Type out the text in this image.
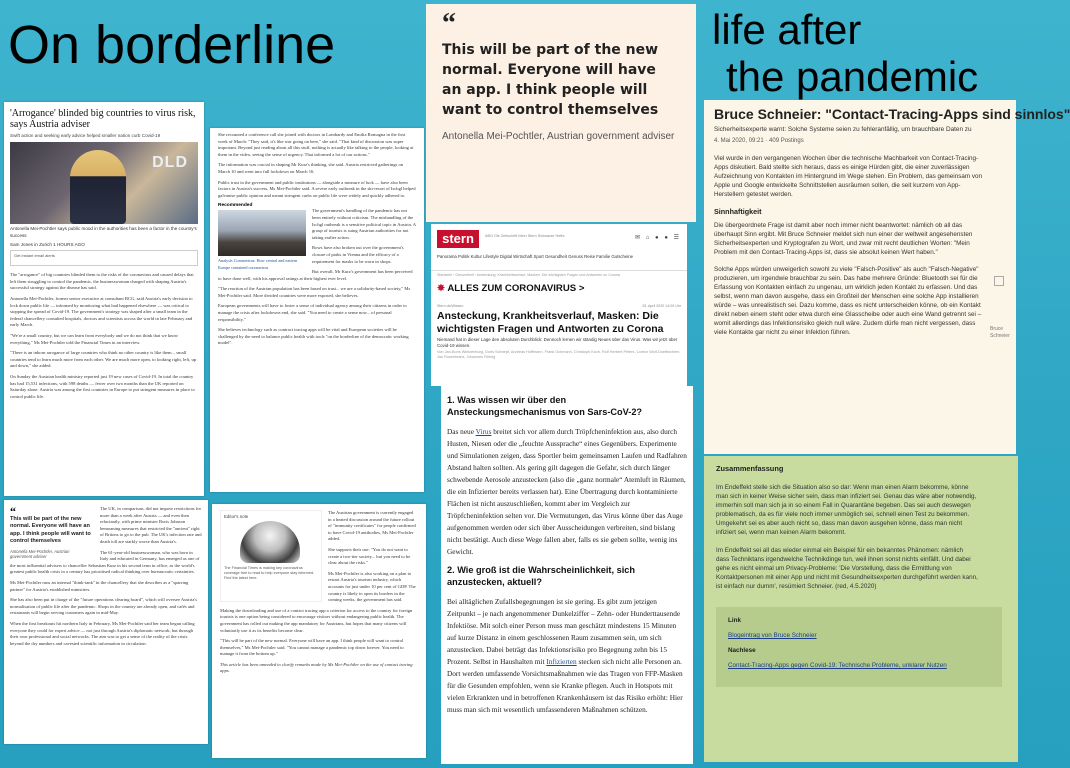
On borderline	life after
the pandemic
'Arrogance' blinded big countries to virus risk, says Austria adviser
Swift action and seeking early advice helped smaller nation curb Covid-19
DLD
Antonella Mei-Pochtler says public mood in the authorities has been a factor in the country's success
Sam Jones in Zurich 1 HOURS AGO
Get instant email alerts

The "arrogance" of big countries blinded them to the risks of the coronavirus and caused delays that left them struggling to control the pandemic, the businesswoman charged with shaping Austria's successful strategy against the disease has said.

Antonella Mei-Pochtler, former senior executive at consultant BCG, said Austria's early decision to lock down public life — informed by monitoring what had happened elsewhere — was critical to stopping the spread of Covid-19. The government's strategy was shaped after a small team in the federal chancellery consulted hospitals, doctors and scientists across the world in late February and early March.

"We're a small country, but we can learn from everybody and we do not think that we know everything," Ms Mei-Pochtler told the Financial Times in an interview.

"There is an inborn arrogance of large countries who think no other country is like them... small countries tend to learn much more from each other. We are much more open, to looking right, left, up and down," she added.

On Sunday the Austrian health ministry reported just 19 new cases of Covid-19. In total the country has had 15,531 infections, with 598 deaths — fewer over two months than the UK reported on Saturday alone. Austria was among the first countries in Europe to put stringent measures in place to control public life.

She recounted a conference call she joined with doctors in Lombardy and Emilia Romagna in the first week of March: "They said, it's like war going on here," she said. "That kind of discussion was super important. Beyond just reading about all this stuff, nothing is actually like talking to the people, looking at them in the video, seeing the sense of urgency. That informed a lot of our actions."

The information was crucial in shaping Mr Kurz's thinking, she said. Austria restricted gatherings on March 10 and went into full lockdown on March 16.

Public trust in the government and public institutions — alongside a measure of luck — have also been factors in Austria's success, Ms Mei-Pochtler said. A severe early outbreak in the ski-resort of Ischgl helped galvanise public opinion and meant stringent curbs on public life were widely and quickly adhered to.

Recommended

The government's handling of the pandemic has not been entirely without criticism. The mishandling of the Ischgl outbreak is a sensitive political topic in Austria. A group of tourists is suing Austrian authorities for not taking earlier action.

Analysis Coronavirus: How central and eastern Europe contained coronavirus

Rows have also broken out over the government's closure of parks in Vienna and the efficacy of a requirement for masks to be worn in shops.

But overall, Mr Kurz's government has been perceived to have done well, with his approval ratings at their highest ever level.

"The reaction of the Austrian population has been based on trust... we are a solidarity-based society," Ms Mei-Pochtler said. More divided countries were more exposed, she believes.

European governments will have to foster a sense of individual agency among their citizens in order to manage the crisis after lockdowns end, she said. "You need to create a sense now... of personal responsibility."

She believes technology such as contract tracing apps will be vital and European societies will be challenged by the need to balance public health with tools "on the borderline of the democratic working model".

“
This will be part of the new normal. Everyone will have an app. I think people will want to control themselves
Antonella Mei-Pochtler, Austrian government adviser
Bruce Schneier: "Contact-Tracing-Apps sind sinnlos"
Sicherheitsexperte warnt: Solche Systeme seien zu fehleranfällig, um brauchbare Daten zu
4. Mai 2020, 09:21 · 409 Postings

Viel wurde in den vergangenen Wochen über die technische Machbarkeit von Contact-Tracing-Apps diskutiert. Bald stellte sich heraus, dass es einige Hürden gibt, die einer zuverlässigen Aufzeichnung von Kontakten im Hintergrund im Wege stehen. Ein Problem, das gemeinsam von Apple und Google entwickelte Schnittstellen ausräumen sollen, die seit kurzem von App-Herstellern getestet werden.

Sinnhaftigkeit

Die übergeordnete Frage ist damit aber noch immer nicht beantwortet: nämlich ob all das überhaupt Sinn ergibt. Mit Bruce Schneier meldet sich nun einer der weltweit angesehensten Sicherheitsexperten und Kryptografen zu Wort, und zwar mit recht deutlichen Worten: "Mein Problem mit den Contact-Tracing-Apps ist, dass sie absolut keinen Wert haben."

Solche Apps würden unweigerlich sowohl zu viele "Falsch-Positive" als auch "Falsch-Negative" produzieren, um irgendwie brauchbar zu sein. Das habe mehrere Gründe: Bluetooth sei für die Erfassung von Kontakten einfach zu ungenau, um wirklich jeden Kontakt zu erfassen. Und das selbst, wenn man davon ausgehe, dass ein Großteil der Menschen eine solche App installieren würde – was unrealistisch sei. Dazu komme, dass es nicht unterscheiden könne, ob ein Kontakt direkt neben einem steht oder etwa durch eine Glasscheibe oder auch eine Wand getrennt sei – womit allerdings das Infektionsrisiko gleich null wäre. Zudem dürfe man nicht vergessen, dass viele Kontakte gar nicht zu einer Infektion führen.	Bruce Schneier
stern	ABO Die Zeitschrift Mein Stern Schwarze Hefte	✉ ⌂ ● ● ☰
Panorama Politik Kultur Lifestyle Digital Wirtschaft Sport Gesundheit Genuss Reise Familie Gutscheine
Startseite › Gesundheit › Ansteckung, Krankheitsverlauf, Masken: Die wichtigsten Fragen und Antworten zu Corona
✸ ALLES ZUM CORONAVIRUS >
Stern.de/Wissen	25. April 2020 14:00 Uhr
Ansteckung, Krankheitsverlauf, Masken: Die wichtigsten Fragen und Antworten zu Corona
Niemand hat in dieser Lage den absoluten Durchblick: Dennoch lernen wir ständig Neues über das Virus. Was wir jetzt über Covid-19 wissen.
Von Jan-Boris Wintzenburg, Doris Schnepf, Andreas Hoffmann, Frank Ochmann, Christoph Koch, Rolf Herbert Peters, Lorenz Wolf-Doettinchem, Jan Rosenkranz, Johannes Röhrig
1. Was wissen wir über den Ansteckungsmechanismus von Sars-CoV-2?
Das neue Virus breitet sich vor allem durch Tröpfcheninfektion aus, also durch Husten, Niesen oder die „feuchte Aussprache“ eines Gegenübers. Experimente und Simulationen zeigen, dass Sportler beim gemeinsamen Laufen und Radfahren Abstand halten sollten. Als gering gilt dagegen die Gefahr, sich durch länger schwebende Aerosole anzustecken (also die „ganz normale“ Atemluft in Räumen, die ein Infizierter bereits verlassen hat). Eine Übertragung durch kontaminierte Flächen ist nicht auszuschließen, kommt aber im Vergleich zur Tröpfcheninfektion selten vor. Die Vermutungen, das Virus könne über das Auge aufgenommen werden oder sich über Ausscheidungen verbreiten, sind bislang nicht bestätigt. Auch diese Wege fallen aber, falls es sie geben sollte, wenig ins Gewicht.
2. Wie groß ist die Wahrscheinlichkeit, sich anzustecken, aktuell?
Bei alltäglichen Zufallsbegegnungen ist sie gering. Es gibt zum jetzigen Zeitpunkt – je nach angenommener Dunkelziffer – Zehn- oder Hunderttausende Infektiöse. Mit solch einer Person muss man geschätzt mindestens 15 Minuten auf kurze Distanz in einem geschlossenen Raum zusammen sein, um sich anzustecken. Dabei beträgt das Infektionsrisiko pro Begegnung zehn bis 15 Prozent. Selbst in Haushalten mit Infizierten stecken sich nicht alle Personen an. Dort werden umfassende Vorsichtsmaßnahmen wie das Tragen von FFP-Masken für die Gesunden empfohlen, wenn sie Kranke pflegen. Auch in Hotspots mit vielen Erkrankten und in betroffenen Krankenhäusern ist das Risiko erhöht: Hier muss man sich mit wesentlich umfassenderen Maßnahmen schützen.
Zusammenfassung

Im Endeffekt stelle sich die Situation also so dar: Wenn man einen Alarm bekomme, könne man sich in keiner Weise sicher sein, dass man infiziert sei. Genau das wäre aber notwendig, immerhin soll man sich ja in so einem Fall in Quarantäne begeben. Das sei auch deswegen problematisch, da es für viele noch immer unmöglich sei, schnell einen Test zu bekommen. Umgekehrt sei es aber auch nicht so, dass man davon ausgehen könne, dass man nicht infiziert sei, wenn man keinen Alarm bekommt.

Im Endeffekt sei all das wieder einmal ein Beispiel für ein bekanntes Phänomen: nämlich dass Techniktans irgendwelche Technikdinge tun, weil ihnen sonst nichts einfällt. Und dabei gehe es nicht einmal um Privacy-Probleme: 'Die Vorstellung, dass die Ermittlung von Kontaktpersonen mit einer App und nicht mit Gesundheitsexperten durchgeführt werden kann, ist einfach nur dumm', resümiert Schneier. (red, 4.5.2020)

Link
Blogeintrag von Bruce Schneier
Nachlese
Contact-Tracing-Apps gegen Covid-19: Technische Probleme, unklarer Nutzen
“
This will be part of the new normal. Everyone will have an app. I think people will want to control themselves
Antonella Mei-Pochtler, Austrian government adviser

The UK, in comparison, did not impose restrictions for more than a week after Austria — and even then reluctantly, with prime minister Boris Johnson bemoaning measures that restricted the "ancient" right of Britons to go to the pub. The UK's infection rate and death toll are starkly worse than Austria's.

The 61-year-old businesswoman, who was born in Italy and educated in Germany, has emerged as one of the most influential advisers to chancellor Sebastian Kurz in his second term in office, as the world's greatest public health crisis in a century has prioritised radical thinking over bureaucratic certainties.

Ms Mei-Pochtler runs an internal "think-tank" in the chancellery that she describes as a "sparring partner" for Austria's established ministries.

She has also been put in charge of the "future operations clearing board", which will oversee Austria's normalisation of public life after the pandemic. Shops in the country are already open, and cafés and restaurants will begin serving customers again in mid-May.

When the first breakouts hit northern Italy in February, Ms Mei-Pochtler said her team began calling everyone they could for expert advice — not just through Austria's diplomatic network, but through their own professional and social networks. The aim was to get a sense of the reality of the crisis beyond the dry numbers and cavested scientific information in circulation.

Editor's note
The Financial Times is making key coronavirus coverage free to read to help everyone stay informed. Find the latest here.

The Austrian government is currently engaged in a heated discussion around the future rollout of "immunity certificates" for people confirmed to have Covid-19 antibodies, Ms Mei-Pochtler added.

She supports their use: "You do not want to create a two-tier society... but you need to be clear about the risks."

Ms Mei-Pochtler is also working on a plan to restart Austria's tourism industry, which accounts for just under 10 per cent of GDP. The country is likely to open its borders in the coming weeks, the government has said.

Making the downloading and use of a contact tracing app a criterion for access to the country for foreign tourists is one option being considered to encourage visitors without endangering public health. The government has rolled out making the app mandatory for Austrians, but hopes that many citizens will voluntarily use it as its benefits become clear.

"This will be part of the new normal. Everyone will have an app. I think people will want to control themselves," Ms Mei-Pochtler said. "You cannot manage a pandemic top down forever. You need to manage it from the bottom up."

This article has been amended to clarify remarks made by Ms Mei-Pochtler on the use of contact tracing apps.
